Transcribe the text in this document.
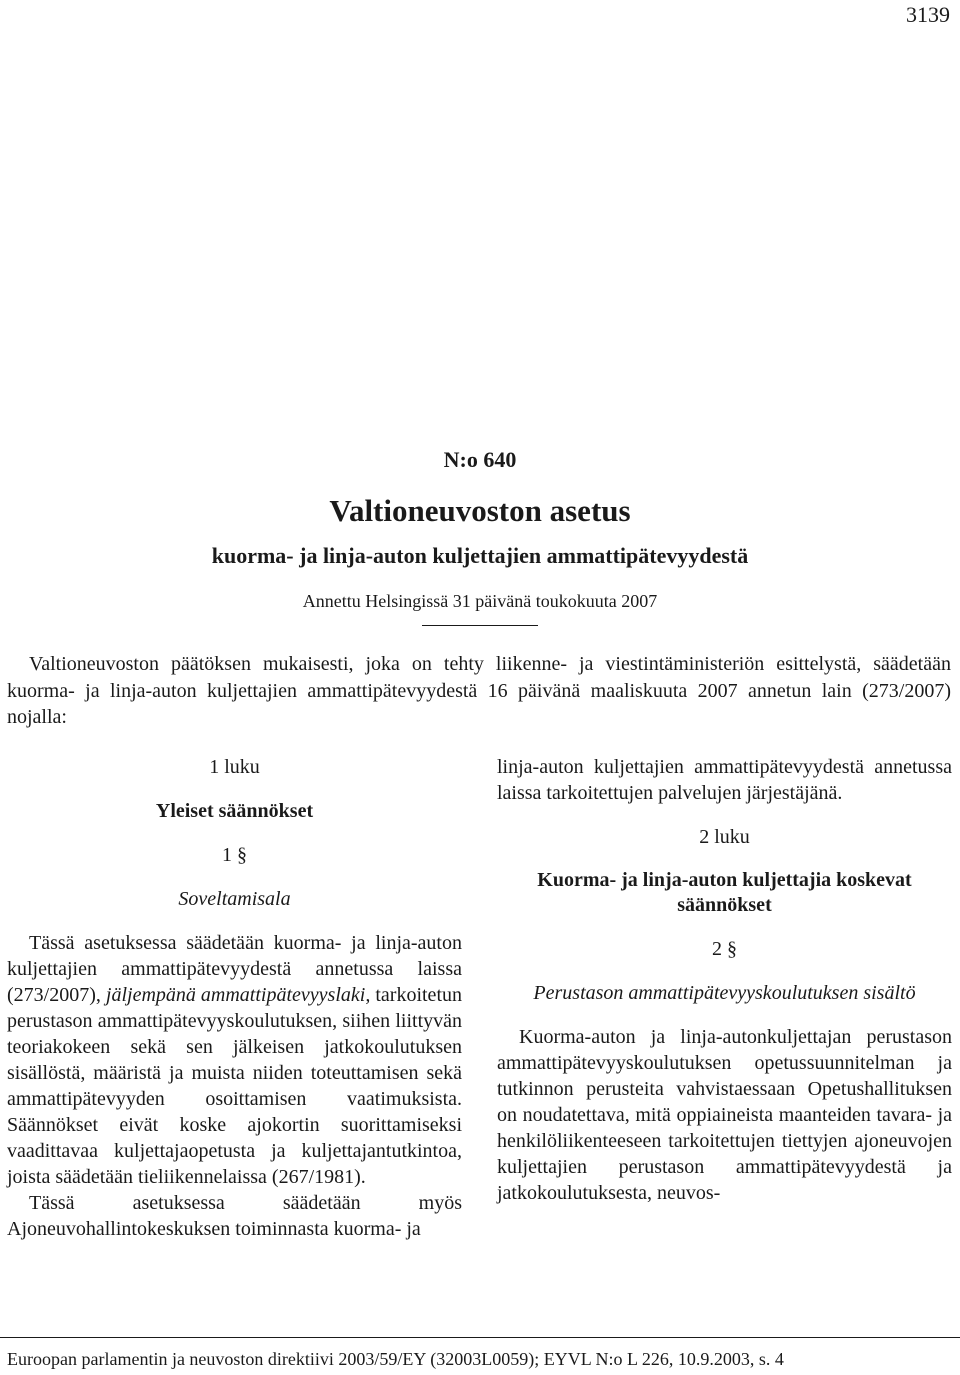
3139
N:o 640
Valtioneuvoston asetus
kuorma- ja linja-auton kuljettajien ammattipätevyydestä
Annettu Helsingissä 31 päivänä toukokuuta 2007

Valtioneuvoston päätöksen mukaisesti, joka on tehty liikenne- ja viestintäministeriön esittelystä, säädetään kuorma- ja linja-auton kuljettajien ammattipätevyydestä 16 päivänä maaliskuuta 2007 annetun lain (273/2007) nojalla:

1 luku

Yleiset säännökset

1 §

Soveltamisala

Tässä asetuksessa säädetään kuorma- ja linja-auton kuljettajien ammattipätevyydestä annetussa laissa (273/2007), jäljempänä ammattipätevyyslaki, tarkoitetun perustason ammattipätevyyskoulutuksen, siihen liittyvän teoriakokeen sekä sen jälkeisen jatkokoulutuksen sisällöstä, määristä ja muista niiden toteuttamisen sekä ammattipätevyyden osoittamisen vaatimuksista. Säännökset eivät koske ajokortin suorittamiseksi vaadittavaa kuljettajaopetusta ja kuljettajantutkintoa, joista säädetään tieliikennelaissa (267/1981).

Tässä asetuksessa säädetään myös Ajoneuvohallintokeskuksen toiminnasta kuorma- ja

linja-auton kuljettajien ammattipätevyydestä annetussa laissa tarkoitettujen palvelujen järjestäjänä.

2 luku

Kuorma- ja linja-auton kuljettajia koskevat säännökset

2 §

Perustason ammattipätevyyskoulutuksen sisältö

Kuorma-auton ja linja-autonkuljettajan perustason ammattipätevyyskoulutuksen opetussuunnitelman ja tutkinnon perusteita vahvistaessaan Opetushallituksen on noudatettava, mitä oppiaineista maanteiden tavara- ja henkilöliikenteeseen tarkoitettujen tiettyjen ajoneuvojen kuljettajien perustason ammattipätevyydestä ja jatkokoulutuksesta, neuvos-

Euroopan parlamentin ja neuvoston direktiivi 2003/59/EY (32003L0059); EYVL N:o L 226, 10.9.2003, s. 4
